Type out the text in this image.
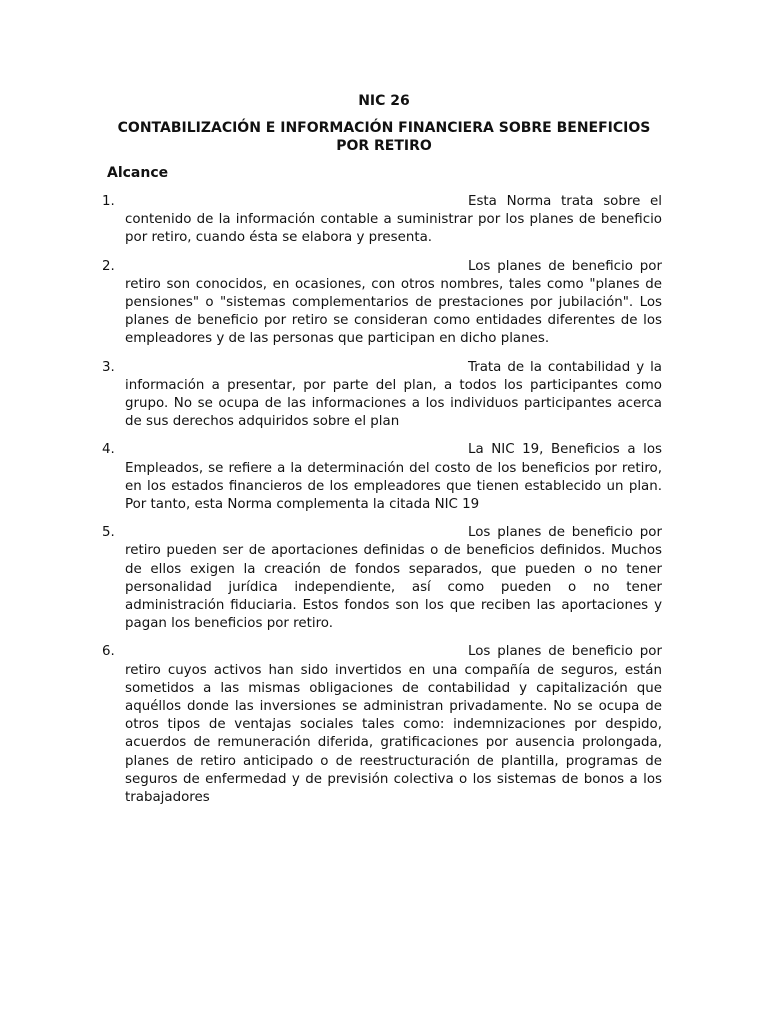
NIC 26
CONTABILIZACIÓN E INFORMACIÓN FINANCIERA SOBRE BENEFICIOS POR RETIRO
Alcance
1.	Esta Norma trata sobre el contenido de la información contable a suministrar por los planes de beneficio por retiro, cuando ésta se elabora y presenta.
2.	Los planes de beneficio por retiro son conocidos, en ocasiones, con otros nombres, tales como "planes de pensiones" o "sistemas complementarios de prestaciones por jubilación". Los planes de beneficio por retiro se consideran como entidades diferentes de los empleadores y de las personas que participan en dicho planes.
3.	Trata de la contabilidad y la información a presentar, por parte del plan, a todos los participantes como grupo. No se ocupa de las informaciones a los individuos participantes acerca de sus derechos adquiridos sobre el plan
4.	La NIC 19, Beneficios a los Empleados, se refiere a la determinación del costo de los beneficios por retiro, en los estados financieros de los empleadores que tienen establecido un plan. Por tanto, esta Norma complementa la citada NIC 19
5.	Los planes de beneficio por retiro pueden ser de aportaciones definidas o de beneficios definidos. Muchos de ellos exigen la creación de fondos separados, que pueden o no tener personalidad jurídica independiente, así como pueden o no tener administración fiduciaria. Estos fondos son los que reciben las aportaciones y pagan los beneficios por retiro.
6.	Los planes de beneficio por retiro cuyos activos han sido invertidos en una compañía de seguros, están sometidos a las mismas obligaciones de contabilidad y capitalización que aquéllos donde las inversiones se administran privadamente. No se ocupa de otros tipos de ventajas sociales tales como: indemnizaciones por despido, acuerdos de remuneración diferida, gratificaciones por ausencia prolongada, planes de retiro anticipado o de reestructuración de plantilla, programas de seguros de enfermedad y de previsión colectiva o los sistemas de bonos a los trabajadores
